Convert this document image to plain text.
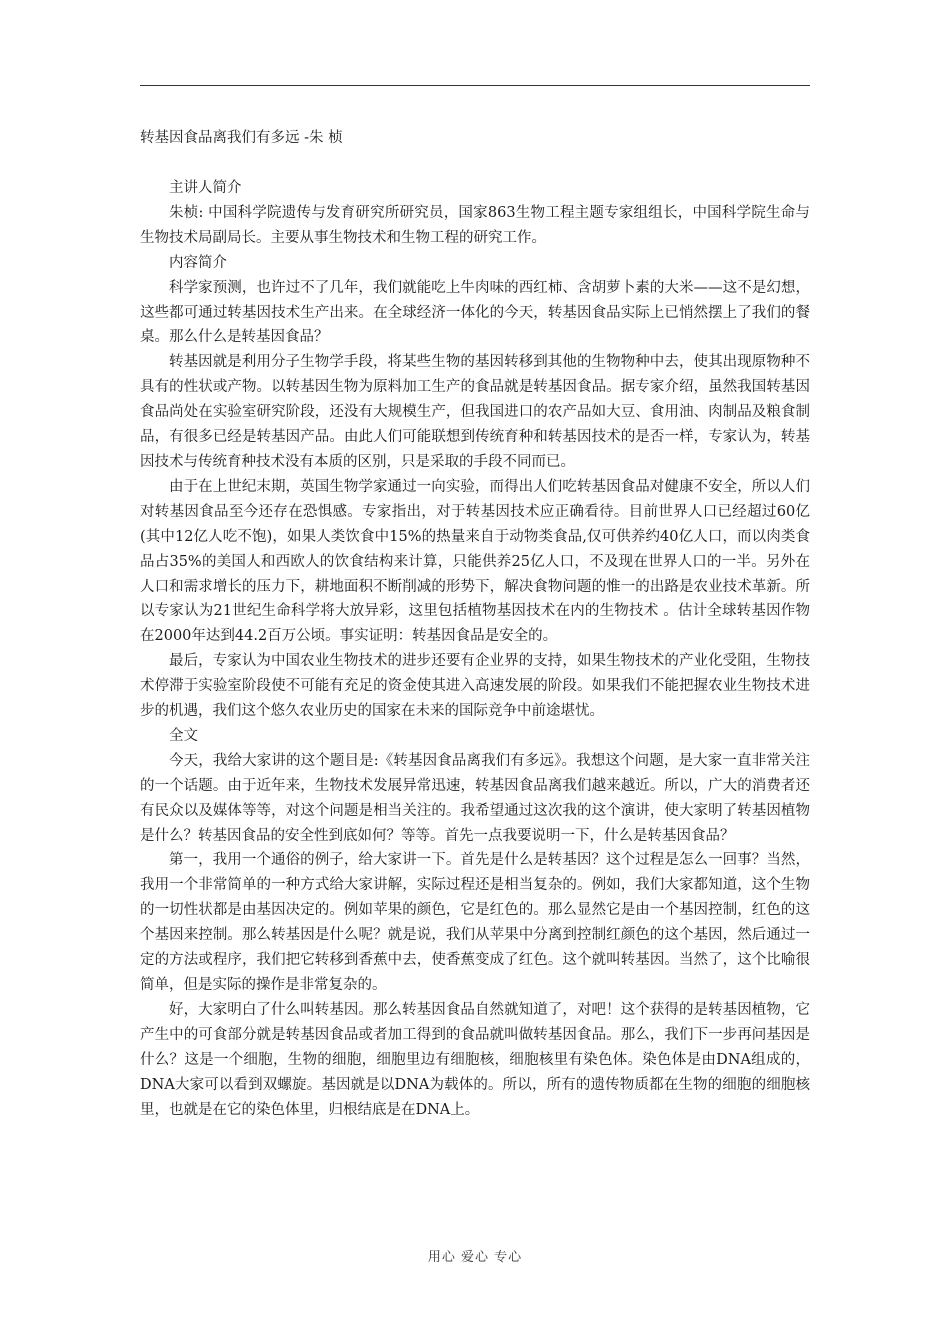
转基因食品离我们有多远 -朱 桢

主讲人简介

朱桢: 中国科学院遗传与发育研究所研究员，国家863生物工程主题专家组组长，中国科学院生命与生物技术局副局长。主要从事生物技术和生物工程的研究工作。

内容简介

科学家预测，也许过不了几年，我们就能吃上牛肉味的西红柿、含胡萝卜素的大米——这不是幻想，这些都可通过转基因技术生产出来。在全球经济一体化的今天，转基因食品实际上已悄然摆上了我们的餐桌。那么什么是转基因食品？

转基因就是利用分子生物学手段，将某些生物的基因转移到其他的生物物种中去，使其出现原物种不具有的性状或产物。以转基因生物为原料加工生产的食品就是转基因食品。据专家介绍，虽然我国转基因食品尚处在实验室研究阶段，还没有大规模生产，但我国进口的农产品如大豆、食用油、肉制品及粮食制品，有很多已经是转基因产品。由此人们可能联想到传统育种和转基因技术的是否一样，专家认为，转基因技术与传统育种技术没有本质的区别，只是采取的手段不同而已。

由于在上世纪末期，英国生物学家通过一向实验，而得出人们吃转基因食品对健康不安全，所以人们对转基因食品至今还存在恐惧感。专家指出，对于转基因技术应正确看待。目前世界人口已经超过60亿(其中12亿人吃不饱)，如果人类饮食中15%的热量来自于动物类食品,仅可供养约40亿人口，而以肉类食品占35%的美国人和西欧人的饮食结构来计算，只能供养25亿人口，不及现在世界人口的一半。另外在人口和需求增长的压力下，耕地面积不断削减的形势下，解决食物问题的惟一的出路是农业技术革新。所以专家认为21世纪生命科学将大放异彩，这里包括植物基因技术在内的生物技术 。估计全球转基因作物在2000年达到44.2百万公顷。事实证明：转基因食品是安全的。

最后，专家认为中国农业生物技术的进步还要有企业界的支持，如果生物技术的产业化受阻，生物技术停滞于实验室阶段使不可能有充足的资金使其进入高速发展的阶段。如果我们不能把握农业生物技术进步的机遇，我们这个悠久农业历史的国家在未来的国际竞争中前途堪忧。

全文

今天，我给大家讲的这个题目是:《转基因食品离我们有多远》。我想这个问题，是大家一直非常关注的一个话题。由于近年来，生物技术发展异常迅速，转基因食品离我们越来越近。所以，广大的消费者还有民众以及媒体等等，对这个问题是相当关注的。我希望通过这次我的这个演讲，使大家明了转基因植物是什么？转基因食品的安全性到底如何？等等。首先一点我要说明一下，什么是转基因食品？

第一，我用一个通俗的例子，给大家讲一下。首先是什么是转基因？这个过程是怎么一回事？当然，我用一个非常简单的一种方式给大家讲解，实际过程还是相当复杂的。例如，我们大家都知道，这个生物的一切性状都是由基因决定的。例如苹果的颜色，它是红色的。那么显然它是由一个基因控制，红色的这个基因来控制。那么转基因是什么呢？就是说，我们从苹果中分离到控制红颜色的这个基因，然后通过一定的方法或程序，我们把它转移到香蕉中去，使香蕉变成了红色。这个就叫转基因。当然了，这个比喻很简单，但是实际的操作是非常复杂的。

好，大家明白了什么叫转基因。那么转基因食品自然就知道了，对吧！这个获得的是转基因植物，它产生中的可食部分就是转基因食品或者加工得到的食品就叫做转基因食品。那么，我们下一步再问基因是什么？这是一个细胞，生物的细胞，细胞里边有细胞核，细胞核里有染色体。染色体是由DNA组成的，DNA大家可以看到双螺旋。基因就是以DNA为载体的。所以，所有的遗传物质都在生物的细胞的细胞核里，也就是在它的染色体里，归根结底是在DNA上。

用心 爱心 专心
